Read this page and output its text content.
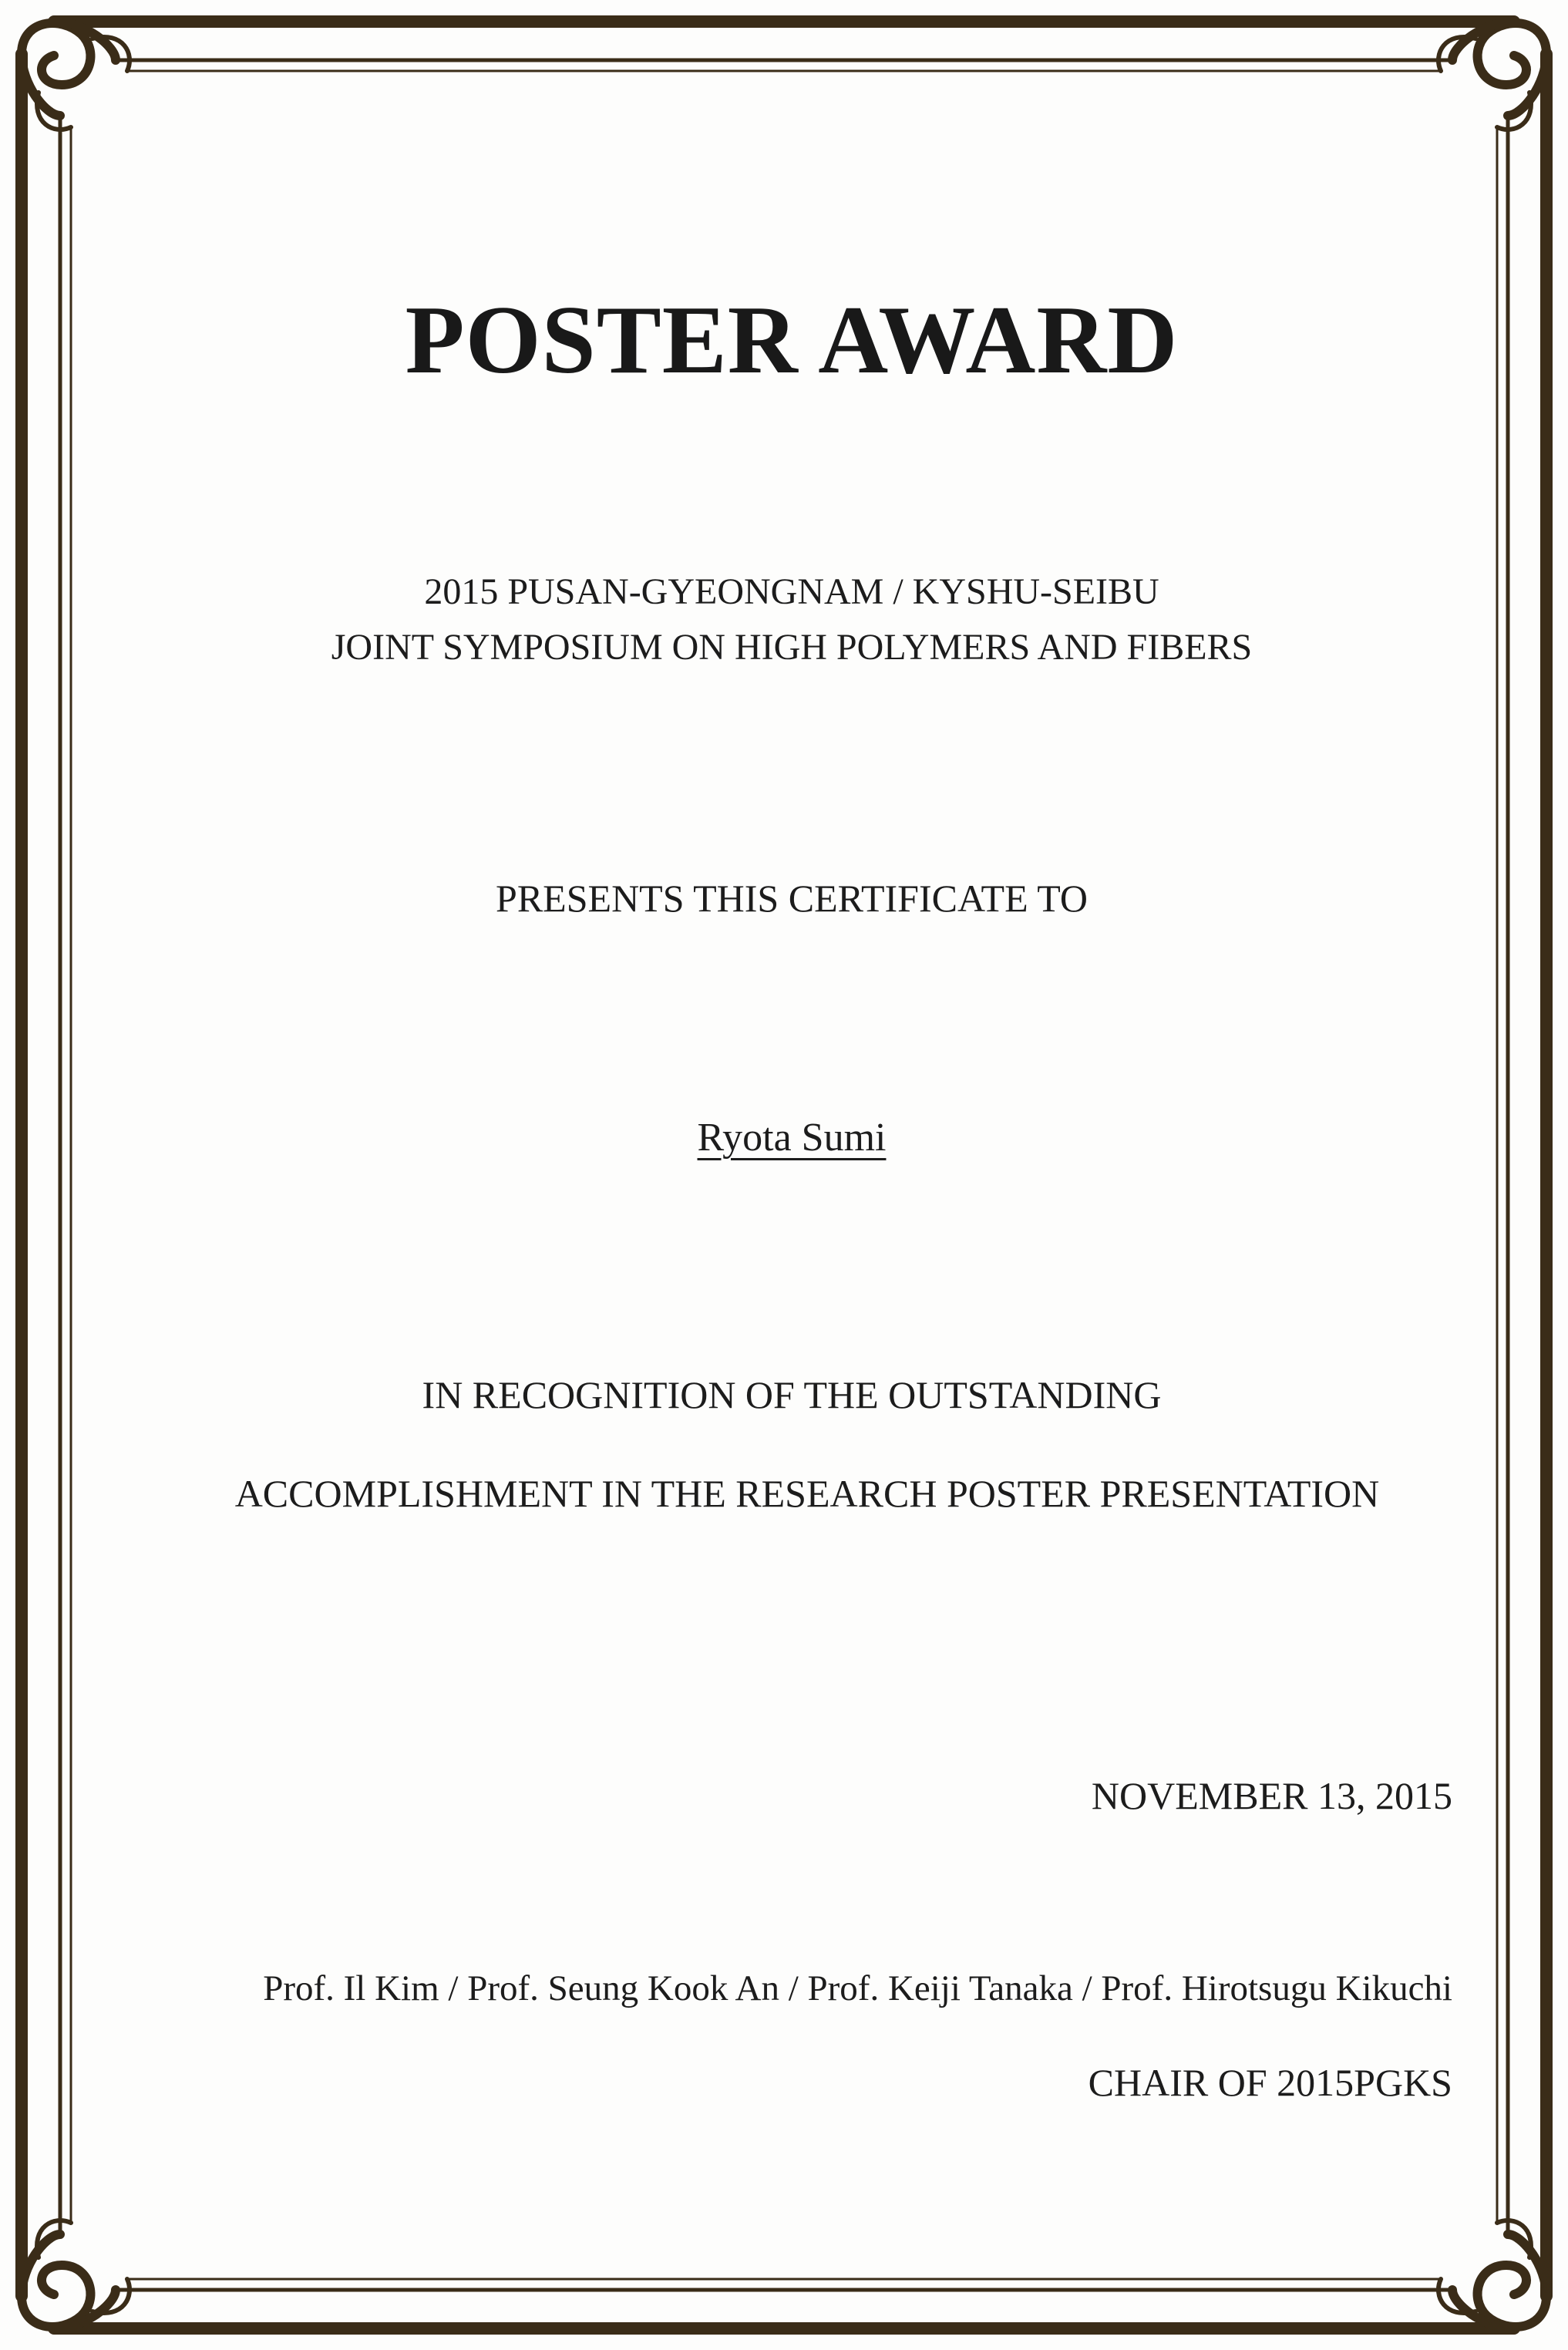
POSTER AWARD
2015 PUSAN-GYEONGNAM / KYSHU-SEIBU
JOINT SYMPOSIUM ON HIGH POLYMERS AND FIBERS
PRESENTS THIS CERTIFICATE TO
Ryota Sumi
IN RECOGNITION OF THE OUTSTANDING
ACCOMPLISHMENT IN THE RESEARCH POSTER PRESENTATION
NOVEMBER 13, 2015
Prof. Il Kim / Prof. Seung Kook An / Prof. Keiji Tanaka / Prof. Hirotsugu Kikuchi
CHAIR OF 2015PGKS
